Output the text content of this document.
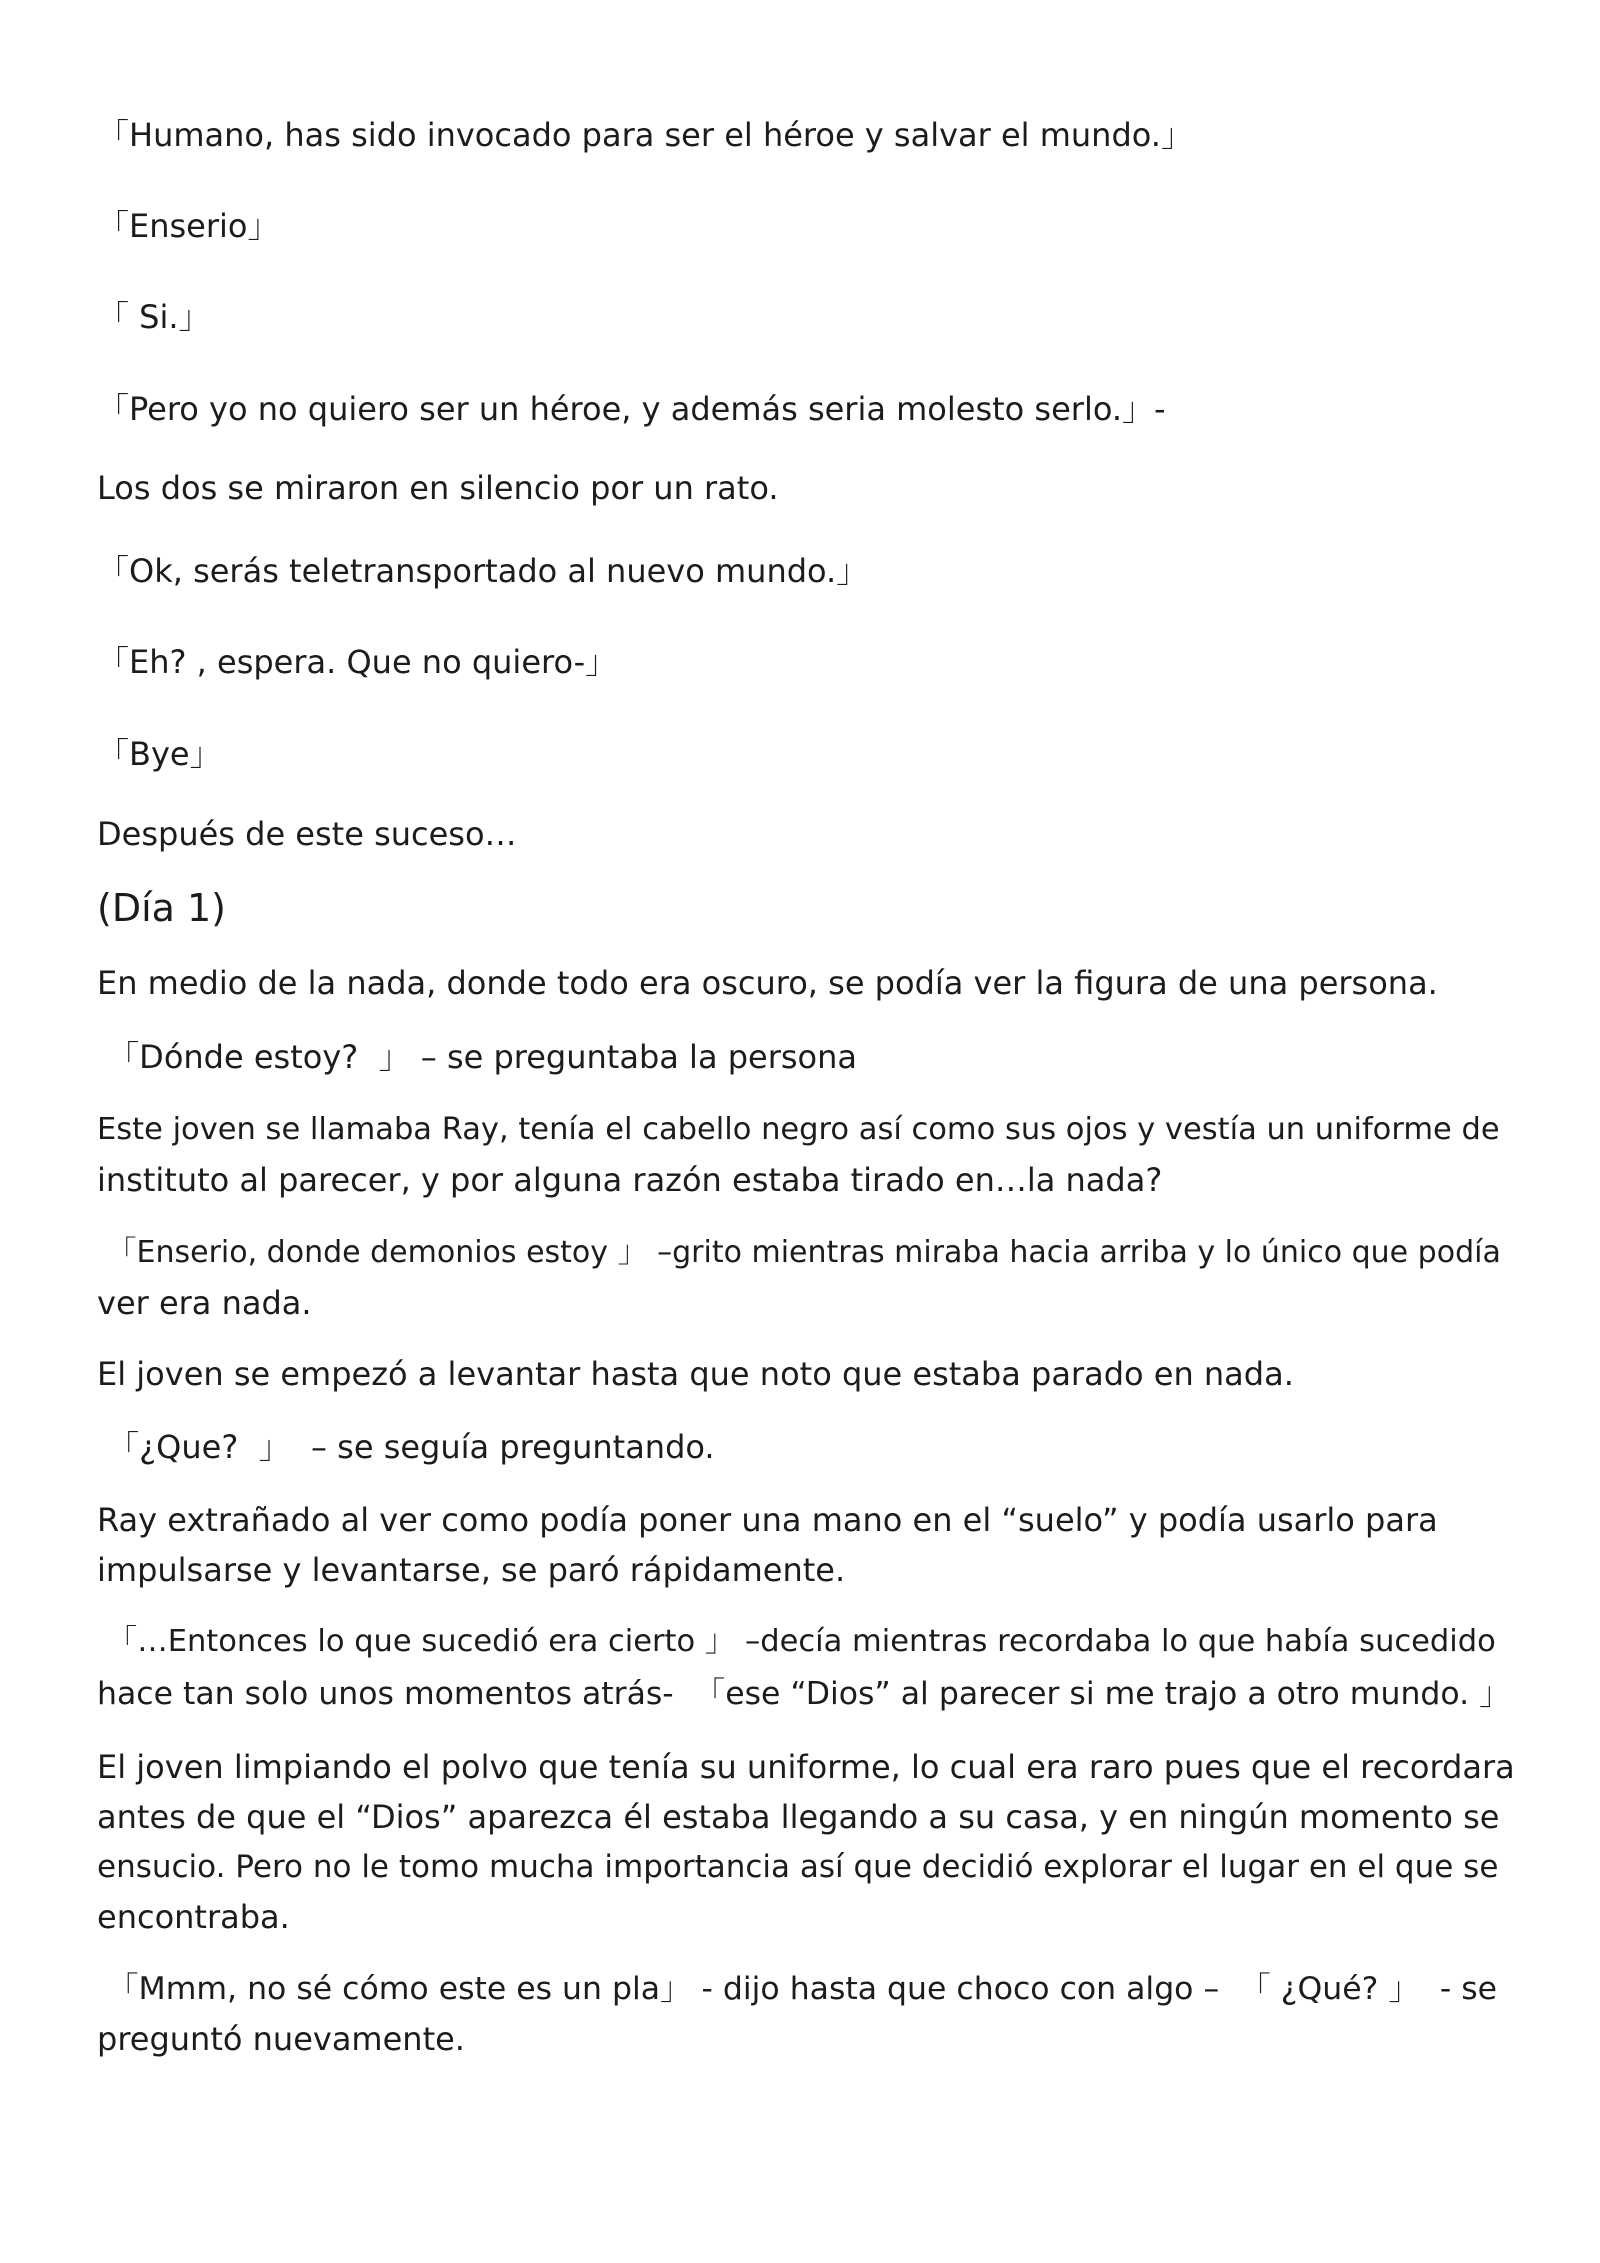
「Humano, has sido invocado para ser el héroe y salvar el mundo.」

「Enserio」

「 Si.」

「Pero yo no quiero ser un héroe, y además seria molesto serlo.」-

Los dos se miraron en silencio por un rato.

「Ok, serás teletransportado al nuevo mundo.」

「Eh? , espera. Que no quiero-」

「Bye」

Después de este suceso…

(Día 1)

En medio de la nada, donde todo era oscuro, se podía ver la figura de una persona.

「Dónde estoy?  」 – se preguntaba la persona

Este joven se llamaba Ray, tenía el cabello negro así como sus ojos y vestía un uniforme de

instituto al parecer, y por alguna razón estaba tirado en…la nada?

「Enserio, donde demonios estoy 」 –grito mientras miraba hacia arriba y lo único que podía

ver era nada.

El joven se empezó a levantar hasta que noto que estaba parado en nada.

「¿Que?  」  – se seguía preguntando.

Ray extrañado al ver como podía poner una mano en el “suelo” y podía usarlo para

impulsarse y levantarse, se paró rápidamente.

「…Entonces lo que sucedió era cierto 」 –decía mientras recordaba lo que había sucedido

hace tan solo unos momentos atrás-  「ese “Dios” al parecer si me trajo a otro mundo. 」

El joven limpiando el polvo que tenía su uniforme, lo cual era raro pues que el recordara

antes de que el “Dios” aparezca él estaba llegando a su casa, y en ningún momento se

ensucio. Pero no le tomo mucha importancia así que decidió explorar el lugar en el que se

encontraba.

「Mmm, no sé cómo este es un pla」 - dijo hasta que choco con algo –  「 ¿Qué? 」  - se

preguntó nuevamente.
